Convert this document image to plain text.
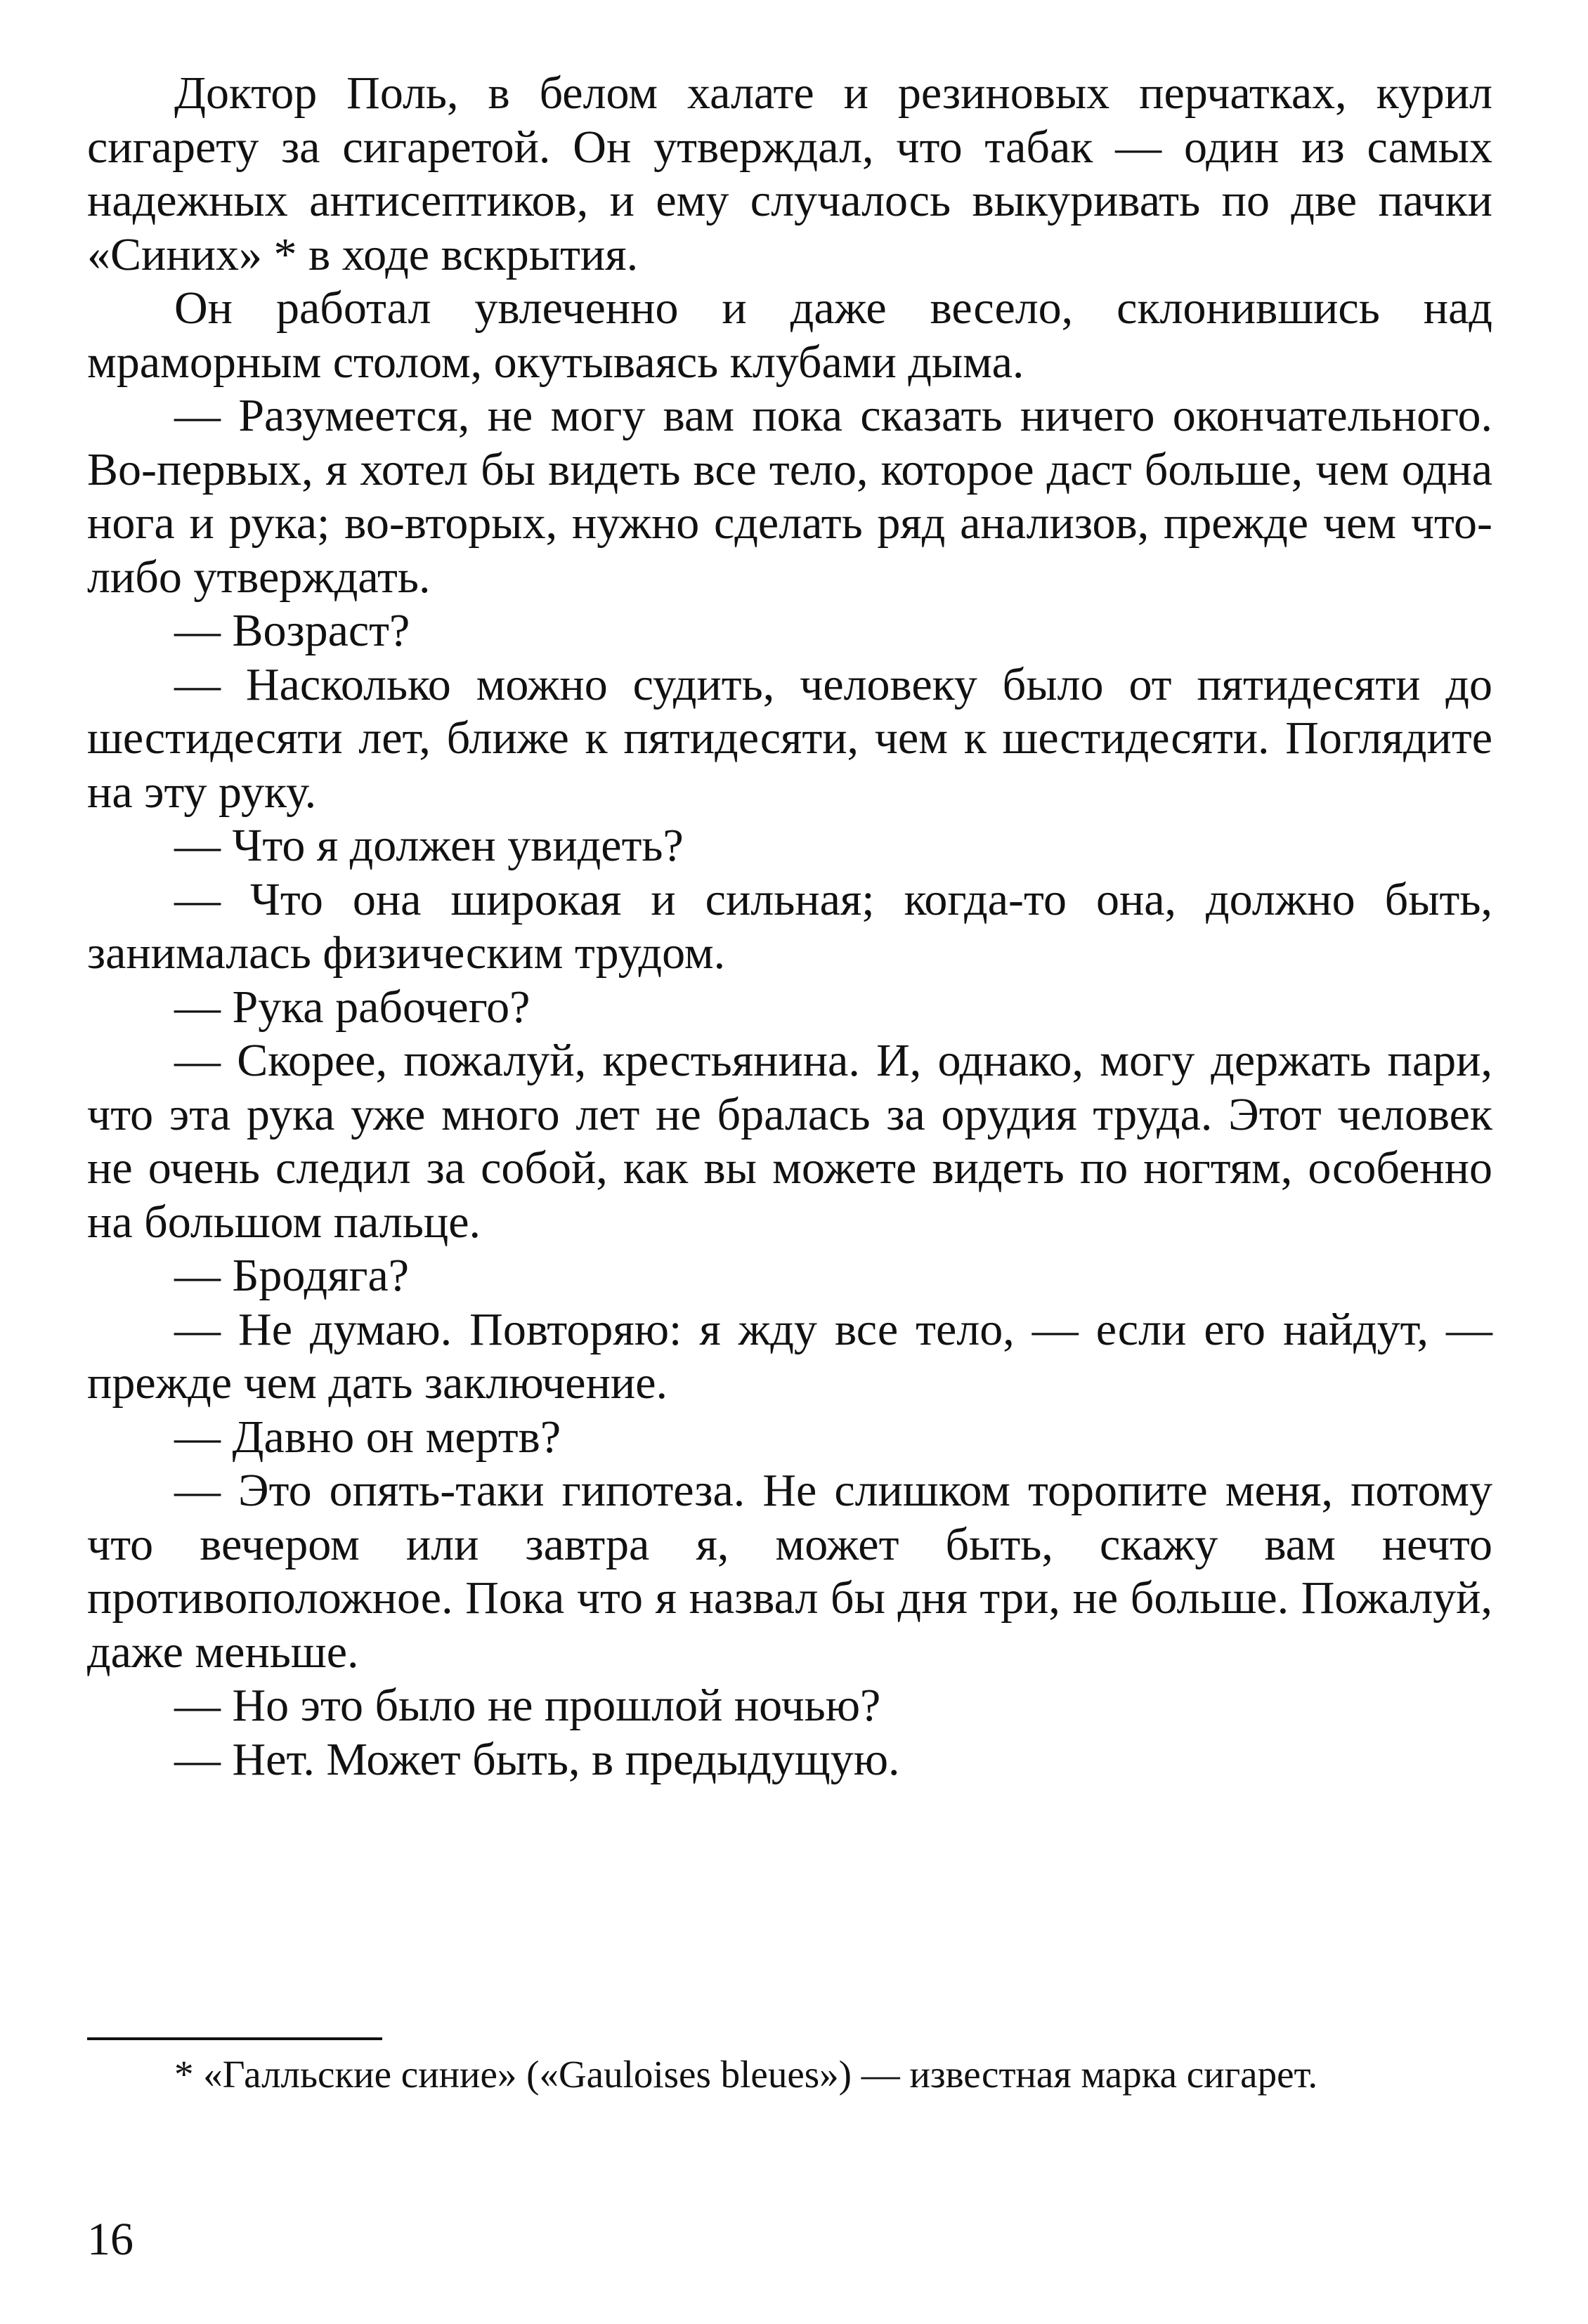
Доктор Поль, в белом халате и резиновых перчатках, курил сигарету за сигаретой. Он утверждал, что табак — один из самых надежных антисептиков, и ему случалось выкуривать по две пачки «Синих» * в ходе вскрытия.

Он работал увлеченно и даже весело, склонившись над мраморным столом, окутываясь клубами дыма.

— Разумеется, не могу вам пока сказать ничего окончательного. Во-первых, я хотел бы видеть все тело, которое даст больше, чем одна нога и рука; во-вторых, нужно сделать ряд анализов, прежде чем что-либо утверждать.

— Возраст?

— Насколько можно судить, человеку было от пятидесяти до шестидесяти лет, ближе к пятидесяти, чем к шестидесяти. Поглядите на эту руку.

— Что я должен увидеть?

— Что она широкая и сильная; когда-то она, должно быть, занималась физическим трудом.

— Рука рабочего?

— Скорее, пожалуй, крестьянина. И, однако, могу держать пари, что эта рука уже много лет не бралась за орудия труда. Этот человек не очень следил за собой, как вы можете видеть по ногтям, особенно на большом пальце.

— Бродяга?

— Не думаю. Повторяю: я жду все тело, — если его найдут, — прежде чем дать заключение.

— Давно он мертв?

— Это опять-таки гипотеза. Не слишком торопите меня, потому что вечером или завтра я, может быть, скажу вам нечто противоположное. Пока что я назвал бы дня три, не больше. Пожалуй, даже меньше.

— Но это было не прошлой ночью?

— Нет. Может быть, в предыдущую.

* «Галльские синие» («Gauloises bleues») — известная марка сигарет.

16
